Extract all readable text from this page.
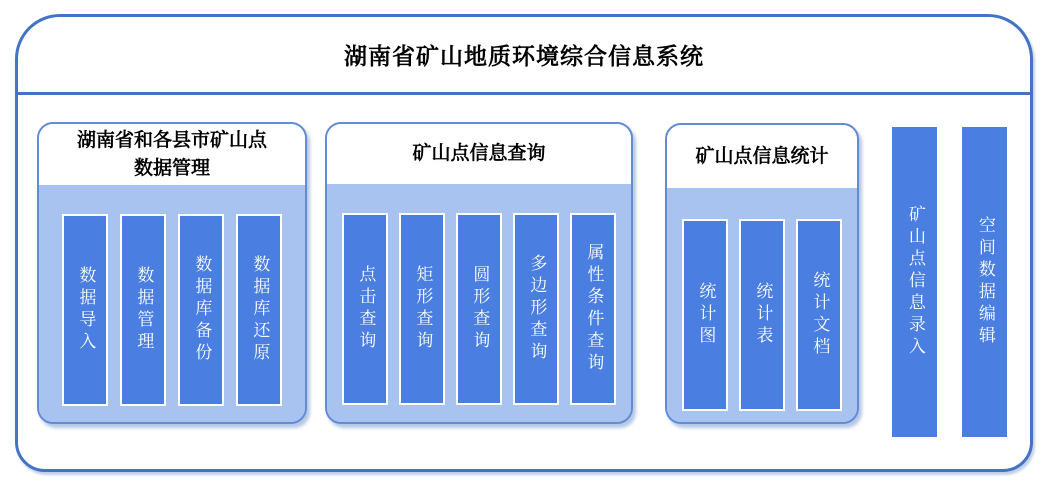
湖南省矿山地质环境综合信息系统
湖南省和各县市矿山点
数据管理
数据导入 数据管理 数据库备份 数据库还原
矿山点信息查询
点击查询 矩形查询 圆形查询 多边形查询 属性条件查询
矿山点信息统计
统计图 统计表 统计文档	矿山点信息录入	空间数据编辑
